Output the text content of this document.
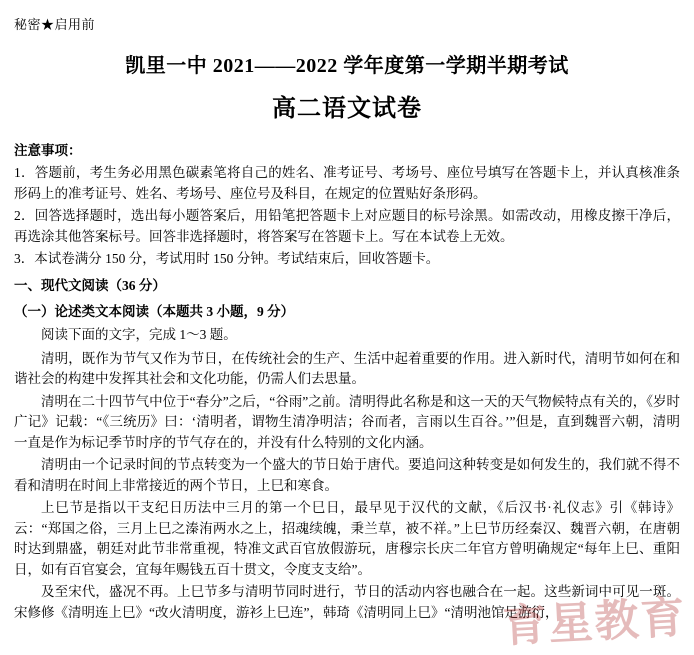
秘密★启用前
凯里一中 2021——2022 学年度第一学期半期考试
高二语文试卷
注意事项：

1．答题前，考生务必用黑色碳素笔将自己的姓名、准考证号、考场号、座位号填写在答题卡上，并认真核准条形码上的准考证号、姓名、考场号、座位号及科目，在规定的位置贴好条形码。

2．回答选择题时，选出每小题答案后，用铅笔把答题卡上对应题目的标号涂黑。如需改动，用橡皮擦干净后，再选涂其他答案标号。回答非选择题时，将答案写在答题卡上。写在本试卷上无效。

3．本试卷满分 150 分，考试用时 150 分钟。考试结束后，回收答题卡。

一、现代文阅读（36 分）
（一）论述类文本阅读（本题共 3 小题，9 分）
阅读下面的文字，完成 1～3 题。

清明，既作为节气又作为节日，在传统社会的生产、生活中起着重要的作用。进入新时代，清明节如何在和谐社会的构建中发挥其社会和文化功能，仍需人们去思量。

清明在二十四节气中位于“春分”之后，“谷雨”之前。清明得此名称是和这一天的天气物候特点有关的，《岁时广记》记载：“《三统历》曰：‘清明者，谓物生清净明洁；谷而者，言雨以生百谷。’”但是，直到魏晋六朝，清明一直是作为标记季节时序的节气存在的，并没有什么特别的文化内涵。

清明由一个记录时间的节点转变为一个盛大的节日始于唐代。要追问这种转变是如何发生的，我们就不得不看和清明在时间上非常接近的两个节日，上巳和寒食。

上巳节是指以干支纪日历法中三月的第一个巳日，最早见于汉代的文献，《后汉书·礼仪志》引《韩诗》云：“郑国之俗，三月上巳之溱洧两水之上，招魂续魄，秉兰草，被不祥。”上巳节历经秦汉、魏晋六朝，在唐朝时达到鼎盛，朝廷对此节非常重视，特准文武百官放假游玩，唐穆宗长庆二年官方曾明确规定“每年上巳、重阳日，如有百官宴会，宜每年赐钱五百十贯文，令度支支给”。

及至宋代，盛况不再。上巳节多与清明节同时进行，节日的活动内容也融合在一起。这些新词中可见一斑。宋修修《清明连上巳》“改火清明度，游衫上巳连”，韩琦《清明同上巳》“清明池馆足游衍，

育星教育
